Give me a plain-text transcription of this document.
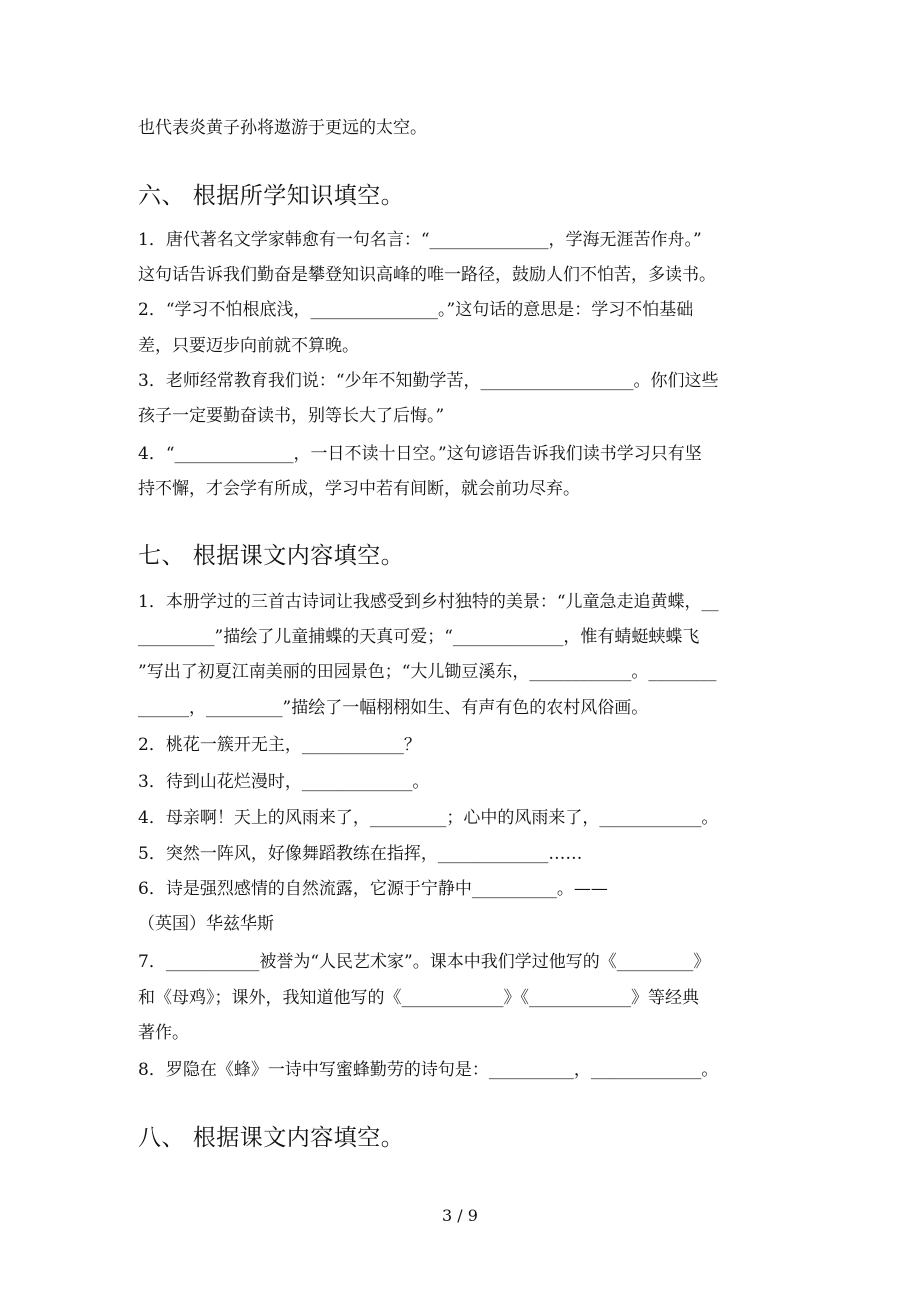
也代表炎黄子孙将遨游于更远的太空。
六、 根据所学知识填空。
1．唐代著名文学家韩愈有一句名言：“______________，学海无涯苦作舟。”
这句话告诉我们勤奋是攀登知识高峰的唯一路径，鼓励人们不怕苦，多读书。
2．“学习不怕根底浅，_______________。”这句话的意思是：学习不怕基础
差，只要迈步向前就不算晚。
3．老师经常教育我们说：“少年不知勤学苦，__________________。你们这些
孩子一定要勤奋读书，别等长大了后悔。”
4．“______________，一日不读十日空。”这句谚语告诉我们读书学习只有坚
持不懈，才会学有所成，学习中若有间断，就会前功尽弃。
七、 根据课文内容填空。
1．本册学过的三首古诗词让我感受到乡村独特的美景：“儿童急走追黄蝶，__
_________”描绘了儿童捕蝶的天真可爱；“_____________，惟有蜻蜓蛱蝶飞
”写出了初夏江南美丽的田园景色；“大儿锄豆溪东，____________。________
______，_________”描绘了一幅栩栩如生、有声有色的农村风俗画。
2．桃花一簇开无主，____________？
3．待到山花烂漫时，_____________。
4．母亲啊！天上的风雨来了，_________；心中的风雨来了，____________。
5．突然一阵风，好像舞蹈教练在指挥，_____________……
6．诗是强烈感情的自然流露，它源于宁静中__________。——
（英国）华兹华斯
7．___________被誉为“人民艺术家”。课本中我们学过他写的《_________》
和《母鸡》；课外，我知道他写的《____________》《____________》等经典
著作。
8．罗隐在《蜂》一诗中写蜜蜂勤劳的诗句是：__________，_____________。
八、 根据课文内容填空。
3 / 9
